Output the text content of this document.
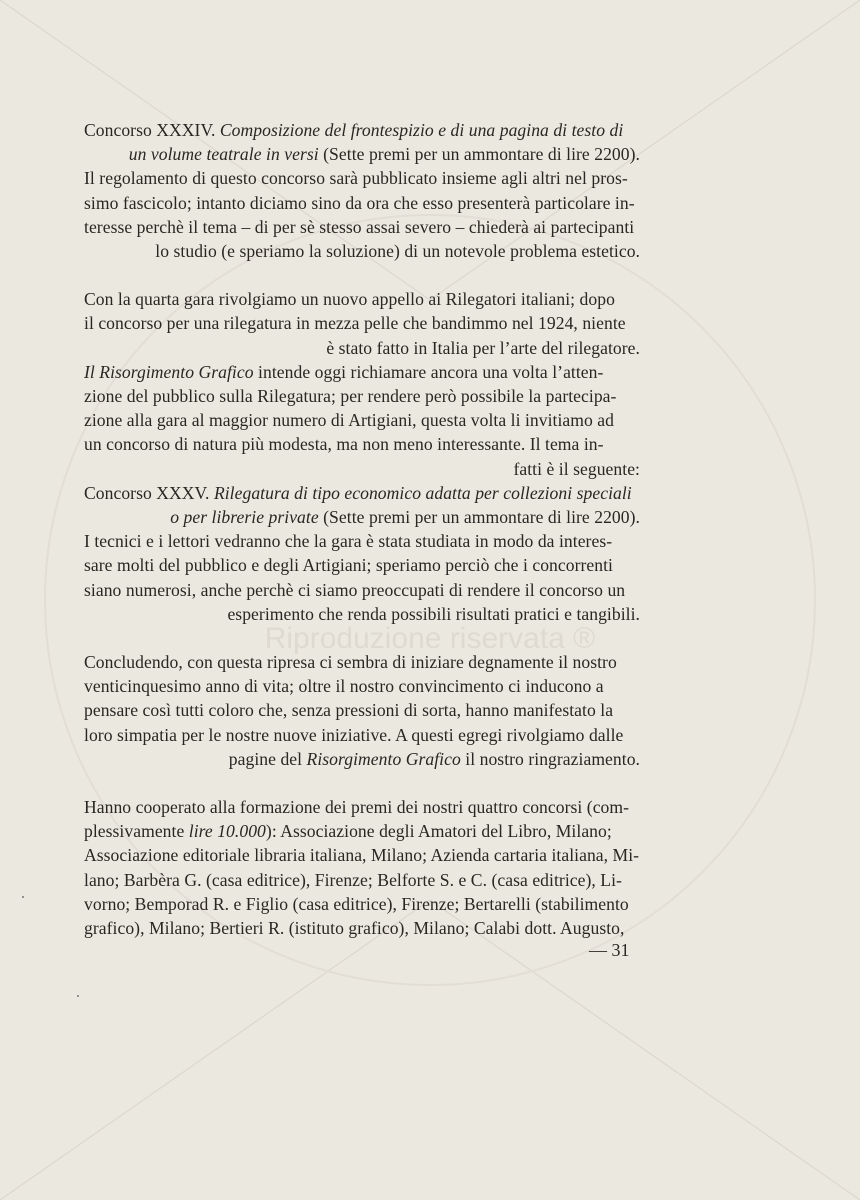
Riproduzione riservata ®

Concorso XXXIV. Composizione del frontespizio e di una pagina di testo di

un volume teatrale in versi (Sette premi per un ammontare di lire 2200).

Il regolamento di questo concorso sarà pubblicato insieme agli altri nel pros-

simo fascicolo; intanto diciamo sino da ora che esso presenterà particolare in-

teresse perchè il tema – di per sè stesso assai severo – chiederà ai partecipanti

lo studio (e speriamo la soluzione) di un notevole problema estetico.

Con la quarta gara rivolgiamo un nuovo appello ai Rilegatori italiani; dopo

il concorso per una rilegatura in mezza pelle che bandimmo nel 1924, niente

è stato fatto in Italia per l’arte del rilegatore.

Il Risorgimento Grafico intende oggi richiamare ancora una volta l’atten-

zione del pubblico sulla Rilegatura; per rendere però possibile la partecipa-

zione alla gara al maggior numero di Artigiani, questa volta li invitiamo ad

un concorso di natura più modesta, ma non meno interessante. Il tema in-

fatti è il seguente:

Concorso XXXV. Rilegatura di tipo economico adatta per collezioni speciali

o per librerie private (Sette premi per un ammontare di lire 2200).

I tecnici e i lettori vedranno che la gara è stata studiata in modo da interes-

sare molti del pubblico e degli Artigiani; speriamo perciò che i concorrenti

siano numerosi, anche perchè ci siamo preoccupati di rendere il concorso un

esperimento che renda possibili risultati pratici e tangibili.

Concludendo, con questa ripresa ci sembra di iniziare degnamente il nostro

venticinquesimo anno di vita; oltre il nostro convincimento ci inducono a

pensare così tutti coloro che, senza pressioni di sorta, hanno manifestato la

loro simpatia per le nostre nuove iniziative. A questi egregi rivolgiamo dalle

pagine del Risorgimento Grafico il nostro ringraziamento.

Hanno cooperato alla formazione dei premi dei nostri quattro concorsi (com-

plessivamente lire 10.000): Associazione degli Amatori del Libro, Milano;

Associazione editoriale libraria italiana, Milano; Azienda cartaria italiana, Mi-

lano; Barbèra G. (casa editrice), Firenze; Belforte S. e C. (casa editrice), Li-

vorno; Bemporad R. e Figlio (casa editrice), Firenze; Bertarelli (stabilimento

grafico), Milano; Bertieri R. (istituto grafico), Milano; Calabi dott. Augusto,

— 31
